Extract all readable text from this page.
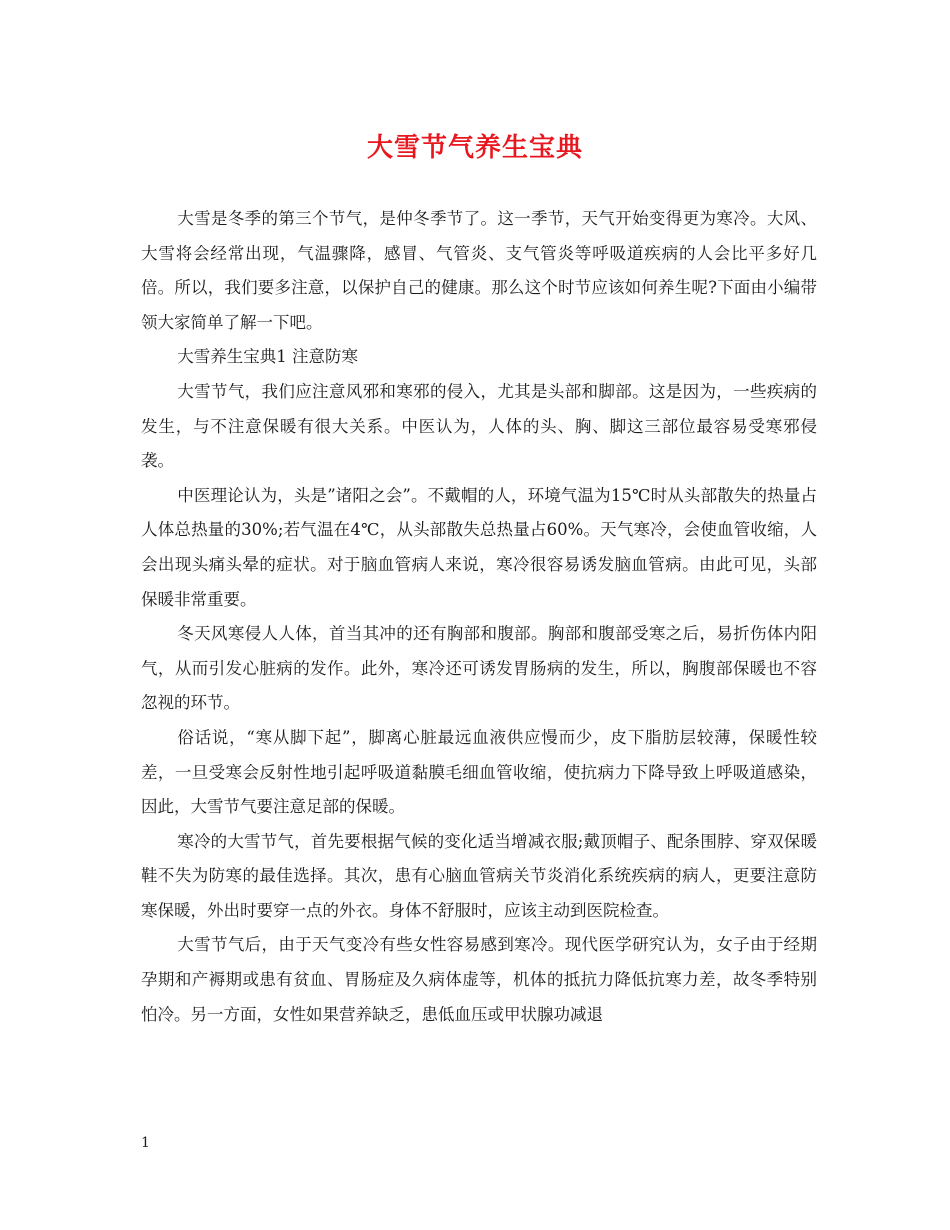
大雪节气养生宝典

大雪是冬季的第三个节气，是仲冬季节了。这一季节，天气开始变得更为寒冷。大风、大雪将会经常出现，气温骤降，感冒、气管炎、支气管炎等呼吸道疾病的人会比平多好几倍。所以，我们要多注意，以保护自己的健康。那么这个时节应该如何养生呢?下面由小编带领大家简单了解一下吧。

大雪养生宝典1 注意防寒

大雪节气，我们应注意风邪和寒邪的侵入，尤其是头部和脚部。这是因为，一些疾病的发生，与不注意保暖有很大关系。中医认为，人体的头、胸、脚这三部位最容易受寒邪侵袭。

中医理论认为，头是”诸阳之会”。不戴帽的人，环境气温为15℃时从头部散失的热量占人体总热量的30%;若气温在4℃，从头部散失总热量占60%。天气寒冷，会使血管收缩，人会出现头痛头晕的症状。对于脑血管病人来说，寒冷很容易诱发脑血管病。由此可见，头部保暖非常重要。

冬天风寒侵人人体，首当其冲的还有胸部和腹部。胸部和腹部受寒之后，易折伤体内阳气，从而引发心脏病的发作。此外，寒冷还可诱发胃肠病的发生，所以，胸腹部保暖也不容忽视的环节。

俗话说，“寒从脚下起”，脚离心脏最远血液供应慢而少，皮下脂肪层较薄，保暖性较差，一旦受寒会反射性地引起呼吸道黏膜毛细血管收缩，使抗病力下降导致上呼吸道感染，因此，大雪节气要注意足部的保暖。

寒冷的大雪节气，首先要根据气候的变化适当增减衣服;戴顶帽子、配条围脖、穿双保暖鞋不失为防寒的最佳选择。其次，患有心脑血管病关节炎消化系统疾病的病人，更要注意防寒保暖，外出时要穿一点的外衣。身体不舒服时，应该主动到医院检查。

大雪节气后，由于天气变冷有些女性容易感到寒冷。现代医学研究认为，女子由于经期孕期和产褥期或患有贫血、胃肠症及久病体虚等，机体的抵抗力降低抗寒力差，故冬季特别怕冷。另一方面，女性如果营养缺乏，患低血压或甲状腺功减退

1
